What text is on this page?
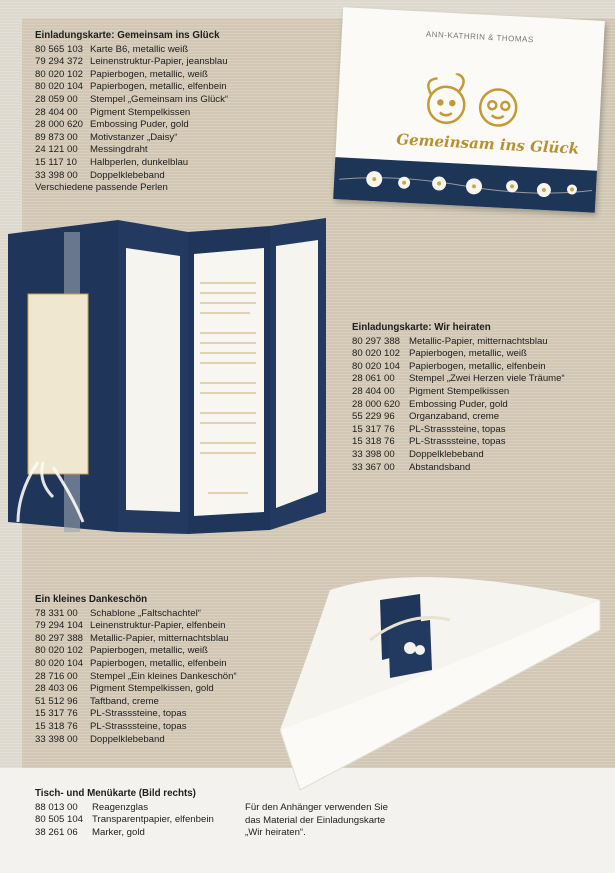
ANN-KATHRIN & THOMAS
Gemeinsam ins Glück
Einladungskarte: Gemeinsam ins Glück
80 565 103 Karte B6, metallic weiß
79 294 372 Leinenstruktur-Papier, jeansblau
80 020 102 Papierbogen, metallic, weiß
80 020 104 Papierbogen, metallic, elfenbein
28 059 00	Stempel „Gemeinsam ins Glück“
28 404 00	Pigment Stempelkissen
28 000 620 Embossing Puder, gold
89 873 00	Motivstanzer „Daisy“
24 121 00	Messingdraht
15 117 10	Halbperlen, dunkelblau
33 398 00	Doppelklebeband
Verschiedene passende Perlen
Einladungskarte: Wir heiraten
80 297 388 Metallic-Papier, mitternachtsblau
80 020 102 Papierbogen, metallic, weiß
80 020 104 Papierbogen, metallic, elfenbein
28 061 00	Stempel „Zwei Herzen viele Träume“
28 404 00	Pigment Stempelkissen
28 000 620 Embossing Puder, gold
55 229 96	Organzaband, creme
15 317 76	PL-Strasssteine, topas
15 318 76	PL-Strasssteine, topas
33 398 00	Doppelklebeband
33 367 00	Abstandsband
Ein kleines Dankeschön
78 331 00	Schablone „Faltschachtel“
79 294 104 Leinenstruktur-Papier, elfenbein
80 297 388 Metallic-Papier, mitternachtsblau
80 020 102 Papierbogen, metallic, weiß
80 020 104 Papierbogen, metallic, elfenbein
28 716 00	Stempel „Ein kleines Dankeschön“
28 403 06	Pigment Stempelkissen, gold
51 512 96	Taftband, creme
15 317 76	PL-Strasssteine, topas
15 318 76	PL-Strasssteine, topas
33 398 00	Doppelklebeband
Tisch- und Menükarte (Bild rechts)
88 013 00	Reagenzglas
80 505 104 Transparentpapier, elfenbein
38 261 06	Marker, gold
Für den Anhänger verwenden Sie
das Material der Einladungskarte
„Wir heiraten“.
